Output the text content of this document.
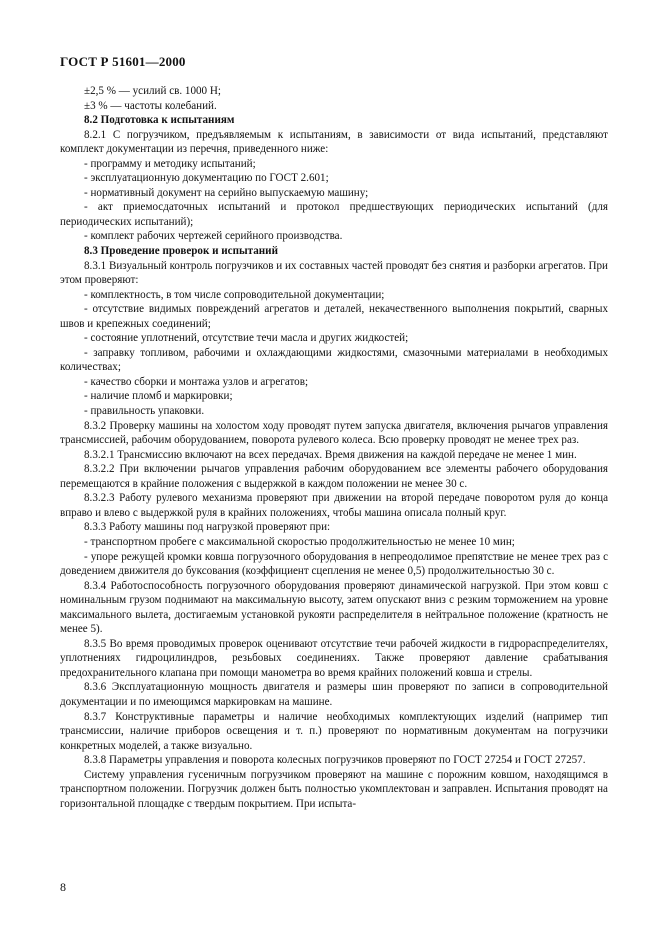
ГОСТ Р 51601—2000

±2,5 % — усилий св. 1000 Н;

±3 % — частоты колебаний.

8.2 Подготовка к испытаниям

8.2.1 С погрузчиком, предъявляемым к испытаниям, в зависимости от вида испытаний, представляют комплект документации из перечня, приведенного ниже:

- программу и методику испытаний;

- эксплуатационную документацию по ГОСТ 2.601;

- нормативный документ на серийно выпускаемую машину;

- акт приемосдаточных испытаний и протокол предшествующих периодических испытаний (для периодических испытаний);

- комплект рабочих чертежей серийного производства.

8.3 Проведение проверок и испытаний

8.3.1 Визуальный контроль погрузчиков и их составных частей проводят без снятия и разборки агрегатов. При этом проверяют:

- комплектность, в том числе сопроводительной документации;

- отсутствие видимых повреждений агрегатов и деталей, некачественного выполнения покрытий, сварных швов и крепежных соединений;

- состояние уплотнений, отсутствие течи масла и других жидкостей;

- заправку топливом, рабочими и охлаждающими жидкостями, смазочными материалами в необходимых количествах;

- качество сборки и монтажа узлов и агрегатов;

- наличие пломб и маркировки;

- правильность упаковки.

8.3.2 Проверку машины на холостом ходу проводят путем запуска двигателя, включения рычагов управления трансмиссией, рабочим оборудованием, поворота рулевого колеса. Всю проверку проводят не менее трех раз.

8.3.2.1 Трансмиссию включают на всех передачах. Время движения на каждой передаче не менее 1 мин.

8.3.2.2 При включении рычагов управления рабочим оборудованием все элементы рабочего оборудования перемещаются в крайние положения с выдержкой в каждом положении не менее 30 с.

8.3.2.3 Работу рулевого механизма проверяют при движении на второй передаче поворотом руля до конца вправо и влево с выдержкой руля в крайних положениях, чтобы машина описала полный круг.

8.3.3 Работу машины под нагрузкой проверяют при:

- транспортном пробеге с максимальной скоростью продолжительностью не менее 10 мин;

- упоре режущей кромки ковша погрузочного оборудования в непреодолимое препятствие не менее трех раз с доведением движителя до буксования (коэффициент сцепления не менее 0,5) продолжительностью 30 с.

8.3.4 Работоспособность погрузочного оборудования проверяют динамической нагрузкой. При этом ковш с номинальным грузом поднимают на максимальную высоту, затем опускают вниз с резким торможением на уровне максимального вылета, достигаемым установкой рукояти распределителя в нейтральное положение (кратность не менее 5).

8.3.5 Во время проводимых проверок оценивают отсутствие течи рабочей жидкости в гидрораспределителях, уплотнениях гидроцилиндров, резьбовых соединениях. Также проверяют давление срабатывания предохранительного клапана при помощи манометра во время крайних положений ковша и стрелы.

8.3.6 Эксплуатационную мощность двигателя и размеры шин проверяют по записи в сопроводительной документации и по имеющимся маркировкам на машине.

8.3.7 Конструктивные параметры и наличие необходимых комплектующих изделий (например тип трансмиссии, наличие приборов освещения и т. п.) проверяют по нормативным документам на погрузчики конкретных моделей, а также визуально.

8.3.8 Параметры управления и поворота колесных погрузчиков проверяют по ГОСТ 27254 и ГОСТ 27257.

Систему управления гусеничным погрузчиком проверяют на машине с порожним ковшом, находящимся в транспортном положении. Погрузчик должен быть полностью укомплектован и заправлен. Испытания проводят на горизонтальной площадке с твердым покрытием. При испыта-

8
